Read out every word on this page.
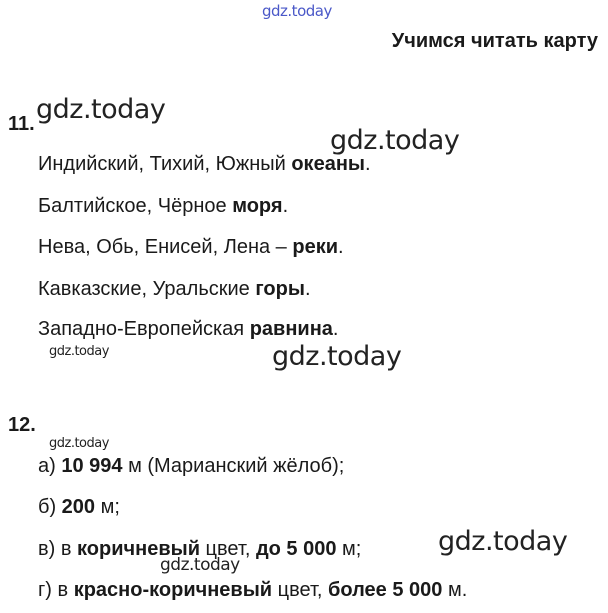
gdz.today
gdz.today
gdz.today
gdz.today	gdz.today
gdz.today
gdz.today
gdz.today
Учимся читать карту
11.
Индийский, Тихий, Южный океаны.
Балтийское, Чёрное моря.
Нева, Обь, Енисей, Лена – реки.
Кавказские, Уральские горы.
Западно-Европейская равнина.
12.
а) 10 994 м (Марианский жёлоб);
б) 200 м;
в) в коричневый цвет, до 5 000 м;
г) в красно-коричневый цвет, более 5 000 м.
